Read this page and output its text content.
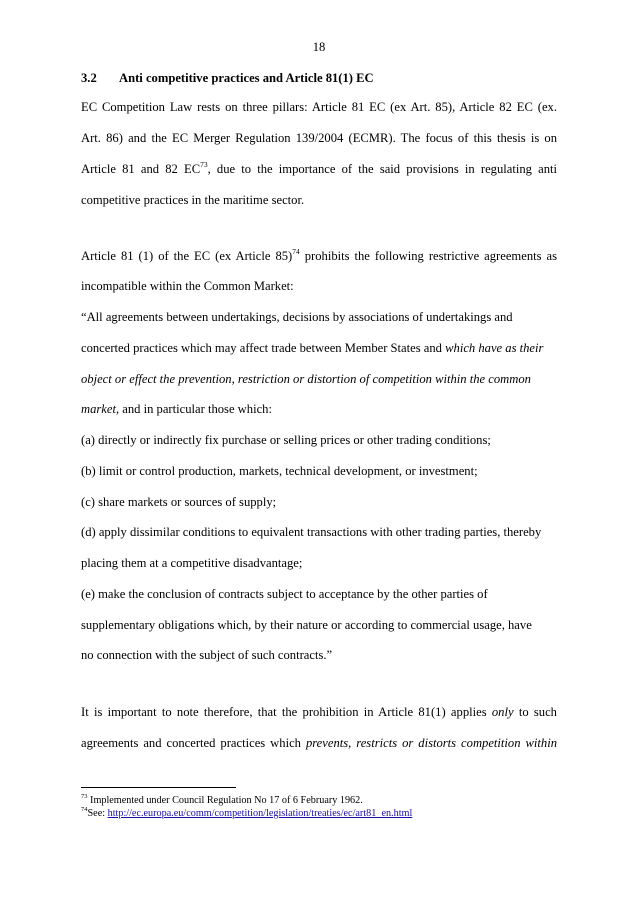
18
3.2 Anti competitive practices and Article 81(1) EC
EC Competition Law rests on three pillars: Article 81 EC (ex Art. 85), Article 82 EC (ex.
Art. 86) and the EC Merger Regulation 139/2004 (ECMR). The focus of this thesis is on
Article 81 and 82 EC$^{73}$, due to the importance of the said provisions in regulating anti
competitive practices in the maritime sector.
Article 81 (1) of the EC (ex Article 85)$^{74}$ prohibits the following restrictive agreements as
incompatible within the Common Market:
“All agreements between undertakings, decisions by associations of undertakings and
concerted practices which may affect trade between Member States and which have as their
object or effect the prevention, restriction or distortion of competition within the common
market, and in particular those which:
(a) directly or indirectly fix purchase or selling prices or other trading conditions;
(b) limit or control production, markets, technical development, or investment;
(c) share markets or sources of supply;
(d) apply dissimilar conditions to equivalent transactions with other trading parties, thereby
placing them at a competitive disadvantage;
(e) make the conclusion of contracts subject to acceptance by the other parties of
supplementary obligations which, by their nature or according to commercial usage, have
no connection with the subject of such contracts.”
It is important to note therefore, that the prohibition in Article 81(1) applies only to such
agreements and concerted practices which prevents, restricts or distorts competition within
$^{73}$ Implemented under Council Regulation No 17 of 6 February 1962.
$^{74}$See: http://ec.europa.eu/comm/competition/legislation/treaties/ec/art81_en.html
